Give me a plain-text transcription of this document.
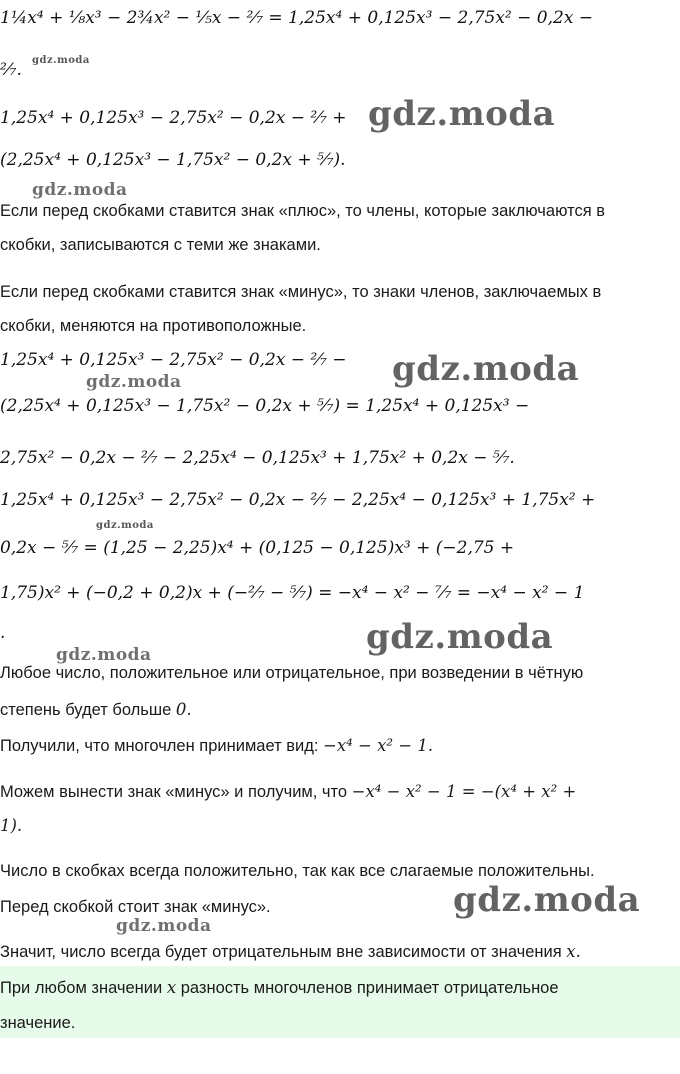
1¼x⁴ + ⅛x³ − 2¾x² − ⅕x − ²⁄₇ = 1,25x⁴ + 0,125x³ − 2,75x² − 0,2x −
²⁄₇.
1,25x⁴ + 0,125x³ − 2,75x² − 0,2x − ²⁄₇ +
(2,25x⁴ + 0,125x³ − 1,75x² − 0,2x + ⁵⁄₇).
Если перед скобками ставится знак «плюс», то члены, которые заключаются в
скобки, записываются с теми же знаками.
Если перед скобками ставится знак «минус», то знаки членов, заключаемых в
скобки, меняются на противоположные.
1,25x⁴ + 0,125x³ − 2,75x² − 0,2x − ²⁄₇ −
(2,25x⁴ + 0,125x³ − 1,75x² − 0,2x + ⁵⁄₇) = 1,25x⁴ + 0,125x³ −
2,75x² − 0,2x − ²⁄₇ − 2,25x⁴ − 0,125x³ + 1,75x² + 0,2x − ⁵⁄₇.
1,25x⁴ + 0,125x³ − 2,75x² − 0,2x − ²⁄₇ − 2,25x⁴ − 0,125x³ + 1,75x² +
0,2x − ⁵⁄₇ = (1,25 − 2,25)x⁴ + (0,125 − 0,125)x³ + (−2,75 +
1,75)x² + (−0,2 + 0,2)x + (−²⁄₇ − ⁵⁄₇) = −x⁴ − x² − ⁷⁄₇ = −x⁴ − x² − 1
.
Любое число, положительное или отрицательное, при возведении в чётную
степень будет больше 0.
Получили, что многочлен принимает вид: −x⁴ − x² − 1.
Можем вынести знак «минус» и получим, что −x⁴ − x² − 1 = −(x⁴ + x² +
1).
Число в скобках всегда положительно, так как все слагаемые положительны.
Перед скобкой стоит знак «минус».
Значит, число всегда будет отрицательным вне зависимости от значения x.
При любом значении x разность многочленов принимает отрицательное
значение.
gdz.moda
gdz.moda
gdz.moda
gdz.moda
gdz.moda
gdz.moda
gdz.moda
gdz.moda
gdz.moda
gdz.moda
